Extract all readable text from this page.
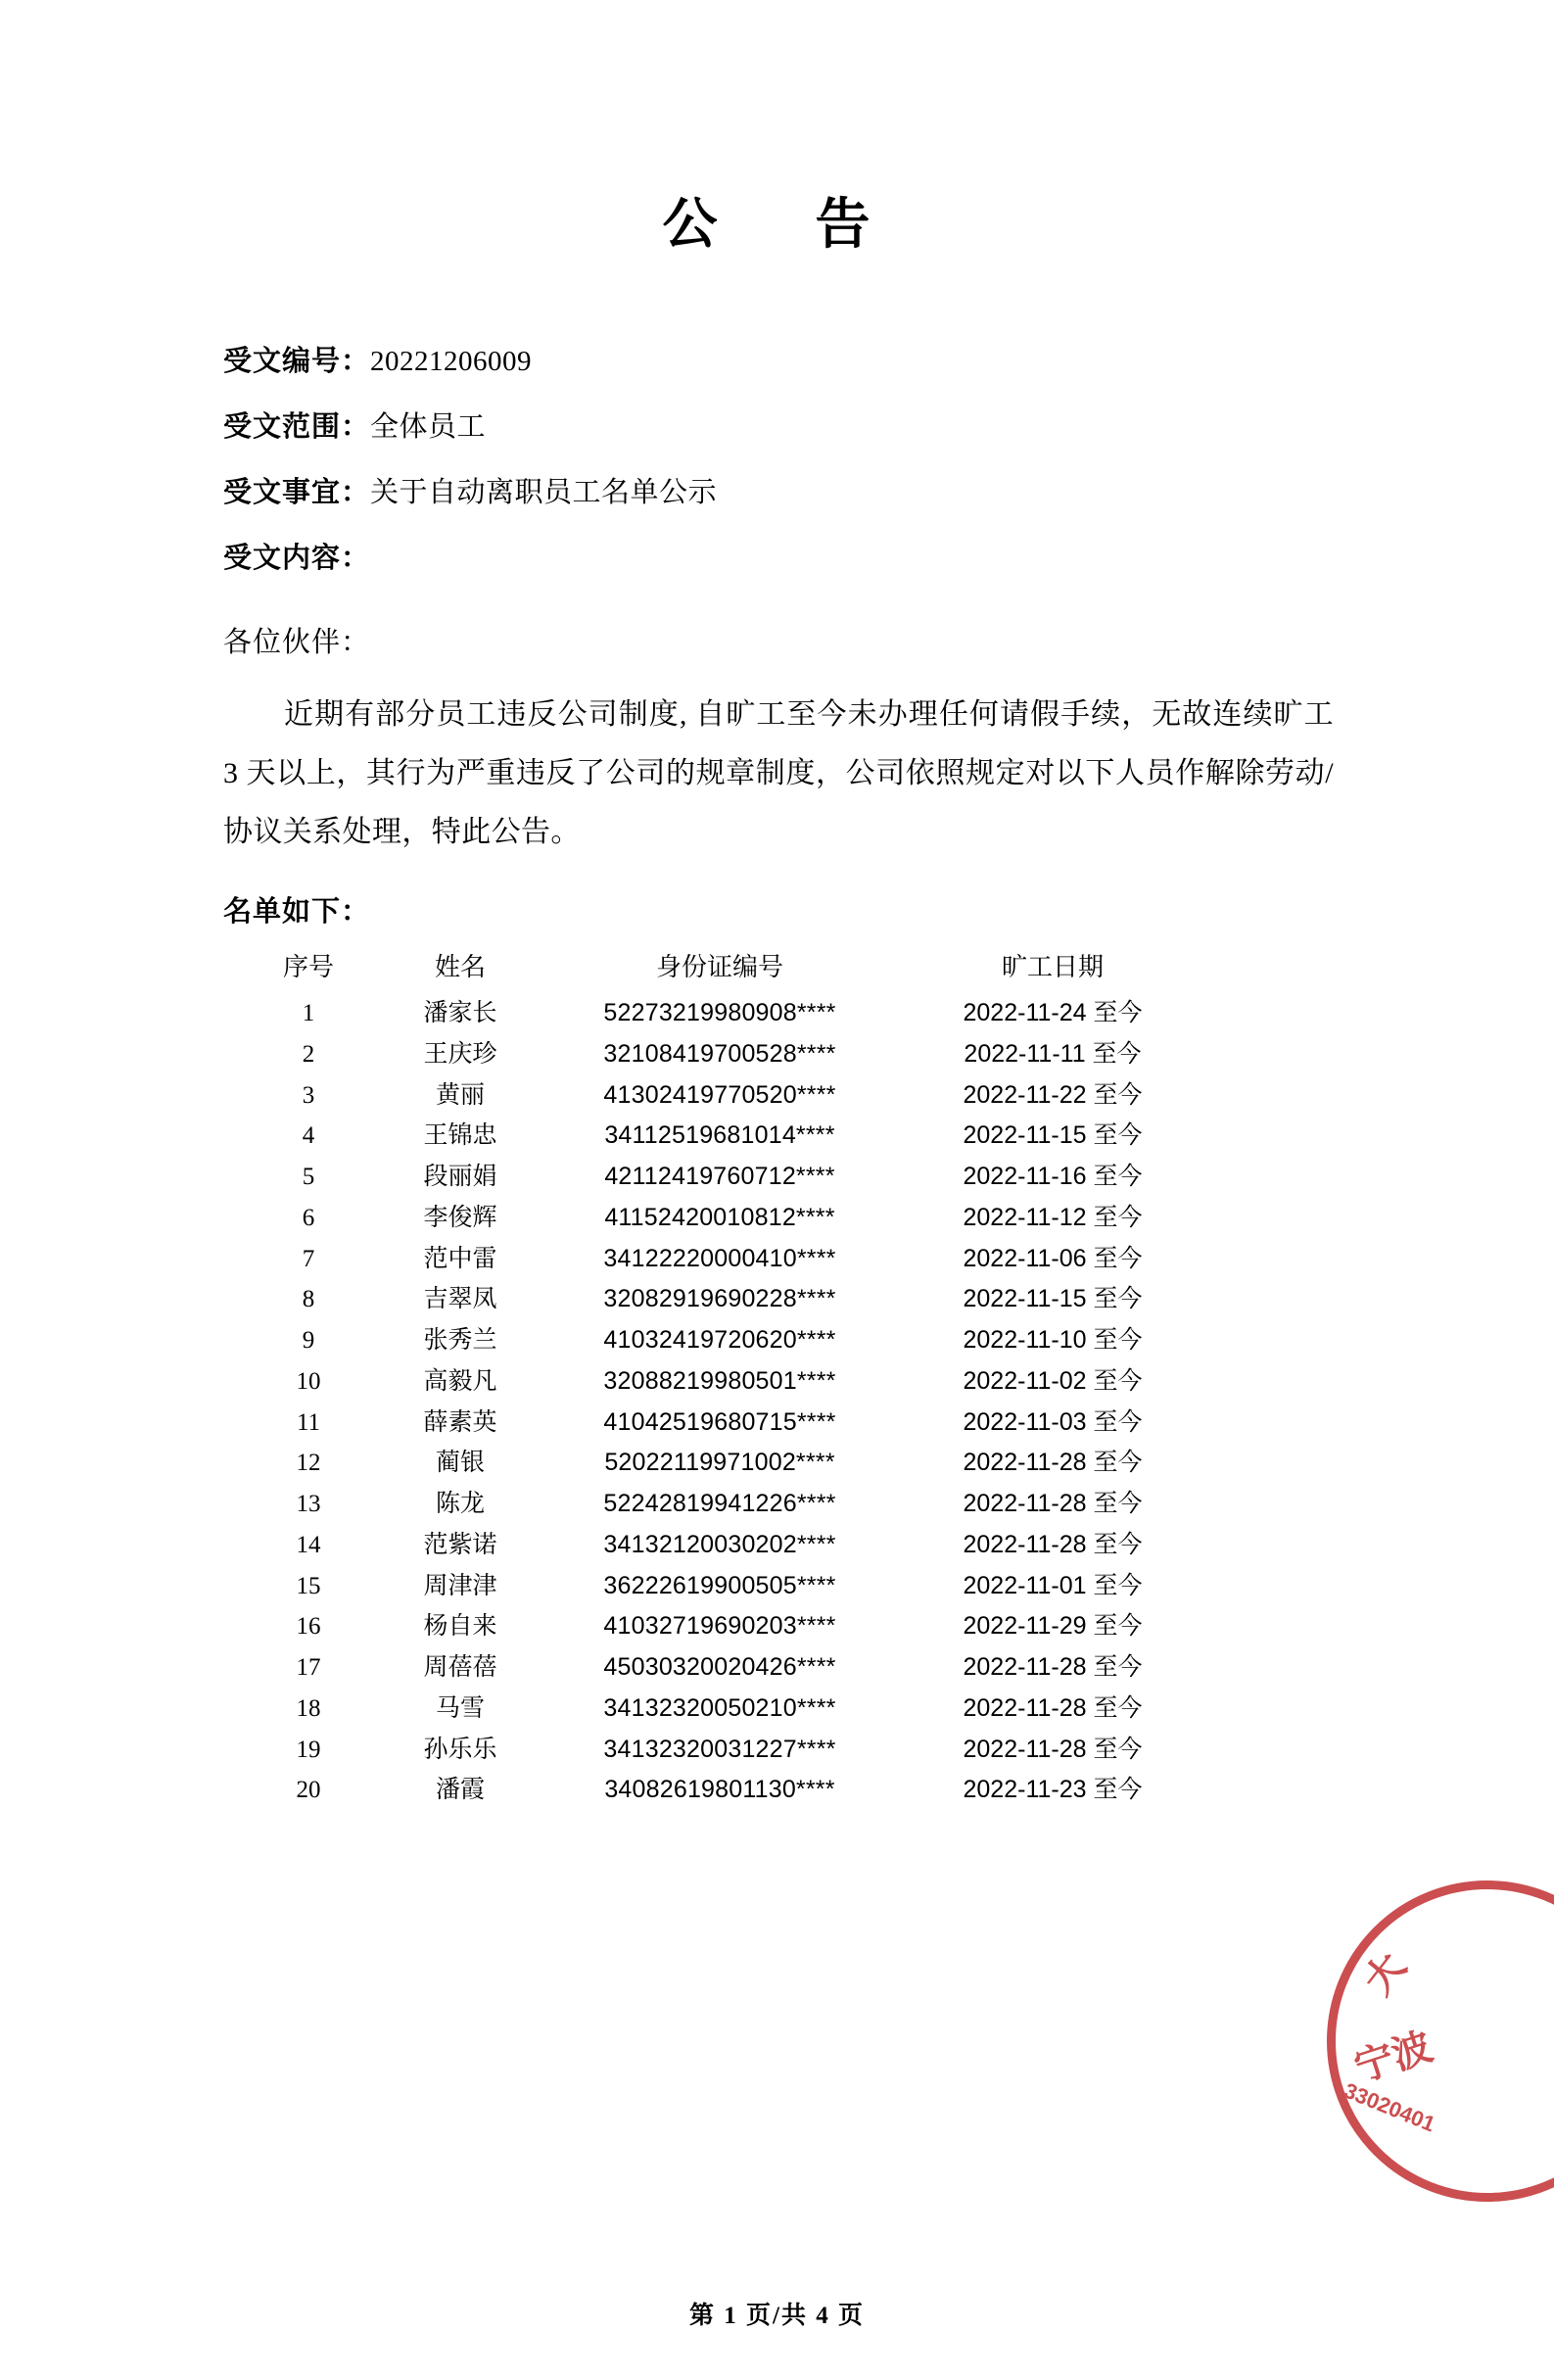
公　告
受文编号：20221206009
受文范围：全体员工
受文事宜：关于自动离职员工名单公示
受文内容：
各位伙伴：
近期有部分员工违反公司制度, 自旷工至今未办理任何请假手续，无故连续旷工 3 天以上，其行为严重违反了公司的规章制度，公司依照规定对以下人员作解除劳动/协议关系处理，特此公告。
名单如下：
序号	姓名	身份证编号	旷工日期
1	潘家长	52273219980908****	2022-11-24 至今
2	王庆珍	32108419700528****	2022-11-11 至今
3	黄丽	41302419770520****	2022-11-22 至今
4	王锦忠	34112519681014****	2022-11-15 至今
5	段丽娟	42112419760712****	2022-11-16 至今
6	李俊辉	41152420010812****	2022-11-12 至今
7	范中雷	34122220000410****	2022-11-06 至今
8	吉翠凤	32082919690228****	2022-11-15 至今
9	张秀兰	41032419720620****	2022-11-10 至今
10	高毅凡	32088219980501****	2022-11-02 至今
11	薛素英	41042519680715****	2022-11-03 至今
12	蔺银	52022119971002****	2022-11-28 至今
13	陈龙	52242819941226****	2022-11-28 至今
14	范紫诺	34132120030202****	2022-11-28 至今
15	周津津	36222619900505****	2022-11-01 至今
16	杨自来	41032719690203****	2022-11-29 至今
17	周蓓蓓	45030320020426****	2022-11-28 至今
18	马雪	34132320050210****	2022-11-28 至今
19	孙乐乐	34132320031227****	2022-11-28 至今
20	潘霞	34082619801130****	2022-11-23 至今
第 1 页/共 4 页
大
宁波
33020401
